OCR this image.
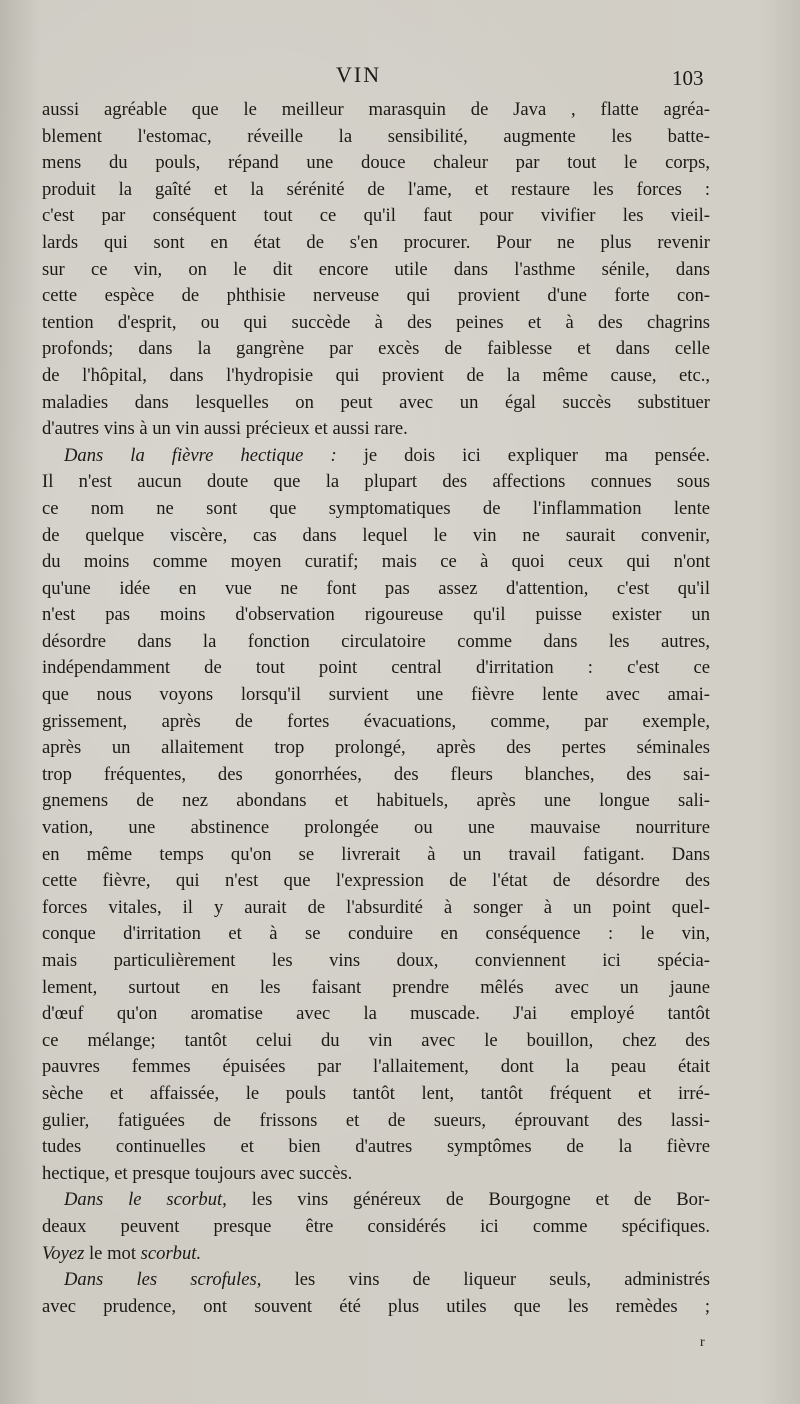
VIN	103
aussi agréable que le meilleur marasquin de Java , flatte agréa-
blement l'estomac, réveille la sensibilité, augmente les batte-
mens du pouls, répand une douce chaleur par tout le corps,
produit la gaîté et la sérénité de l'ame, et restaure les forces :
c'est par conséquent tout ce qu'il faut pour vivifier les vieil-
lards qui sont en état de s'en procurer. Pour ne plus revenir
sur ce vin, on le dit encore utile dans l'asthme sénile, dans
cette espèce de phthisie nerveuse qui provient d'une forte con-
tention d'esprit, ou qui succède à des peines et à des chagrins
profonds; dans la gangrène par excès de faiblesse et dans celle
de l'hôpital, dans l'hydropisie qui provient de la même cause, etc.,
maladies dans lesquelles on peut avec un égal succès substituer
d'autres vins à un vin aussi précieux et aussi rare.
Dans la fièvre hectique : je dois ici expliquer ma pensée.
Il n'est aucun doute que la plupart des affections connues sous
ce nom ne sont que symptomatiques de l'inflammation lente
de quelque viscère, cas dans lequel le vin ne saurait convenir,
du moins comme moyen curatif; mais ce à quoi ceux qui n'ont
qu'une idée en vue ne font pas assez d'attention, c'est qu'il
n'est pas moins d'observation rigoureuse qu'il puisse exister un
désordre dans la fonction circulatoire comme dans les autres,
indépendamment de tout point central d'irritation : c'est ce
que nous voyons lorsqu'il survient une fièvre lente avec amai-
grissement, après de fortes évacuations, comme, par exemple,
après un allaitement trop prolongé, après des pertes séminales
trop fréquentes, des gonorrhées, des fleurs blanches, des sai-
gnemens de nez abondans et habituels, après une longue sali-
vation, une abstinence prolongée ou une mauvaise nourriture
en même temps qu'on se livrerait à un travail fatigant. Dans
cette fièvre, qui n'est que l'expression de l'état de désordre des
forces vitales, il y aurait de l'absurdité à songer à un point quel-
conque d'irritation et à se conduire en conséquence : le vin,
mais particulièrement les vins doux, conviennent ici spécia-
lement, surtout en les faisant prendre mêlés avec un jaune
d'œuf qu'on aromatise avec la muscade. J'ai employé tantôt
ce mélange; tantôt celui du vin avec le bouillon, chez des
pauvres femmes épuisées par l'allaitement, dont la peau était
sèche et affaissée, le pouls tantôt lent, tantôt fréquent et irré-
gulier, fatiguées de frissons et de sueurs, éprouvant des lassi-
tudes continuelles et bien d'autres symptômes de la fièvre
hectique, et presque toujours avec succès.
Dans le scorbut, les vins généreux de Bourgogne et de Bor-
deaux peuvent presque être considérés ici comme spécifiques.
Voyez le mot scorbut.
Dans les scrofules, les vins de liqueur seuls, administrés
avec prudence, ont souvent été plus utiles que les remèdes ;
r
